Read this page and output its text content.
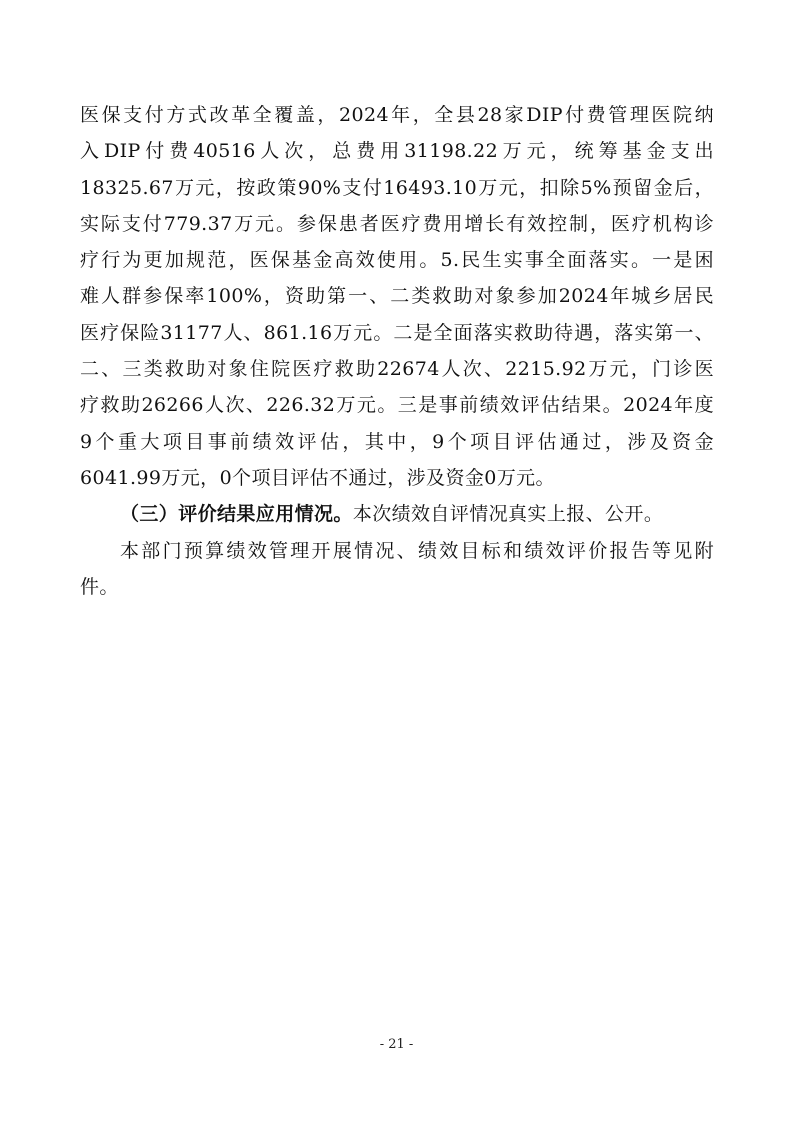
医保支付方式改革全覆盖，2024年，全县28家DIP付费管理医院纳
入DIP付费40516人次，总费用31198.22万元，统筹基金支出
18325.67万元，按政策90%支付16493.10万元，扣除5%预留金后，
实际支付779.37万元。参保患者医疗费用增长有效控制，医疗机构诊
疗行为更加规范，医保基金高效使用。5.民生实事全面落实。一是困
难人群参保率100%，资助第一、二类救助对象参加2024年城乡居民
医疗保险31177人、861.16万元。二是全面落实救助待遇，落实第一、
二、三类救助对象住院医疗救助22674人次、2215.92万元，门诊医
疗救助26266人次、226.32万元。三是事前绩效评估结果。2024年度
9个重大项目事前绩效评估，其中，9个项目评估通过，涉及资金
6041.99万元，0个项目评估不通过，涉及资金0万元。
（三）评价结果应用情况。本次绩效自评情况真实上报、公开。
本部门预算绩效管理开展情况、绩效目标和绩效评价报告等见附
件。
- 21 -
